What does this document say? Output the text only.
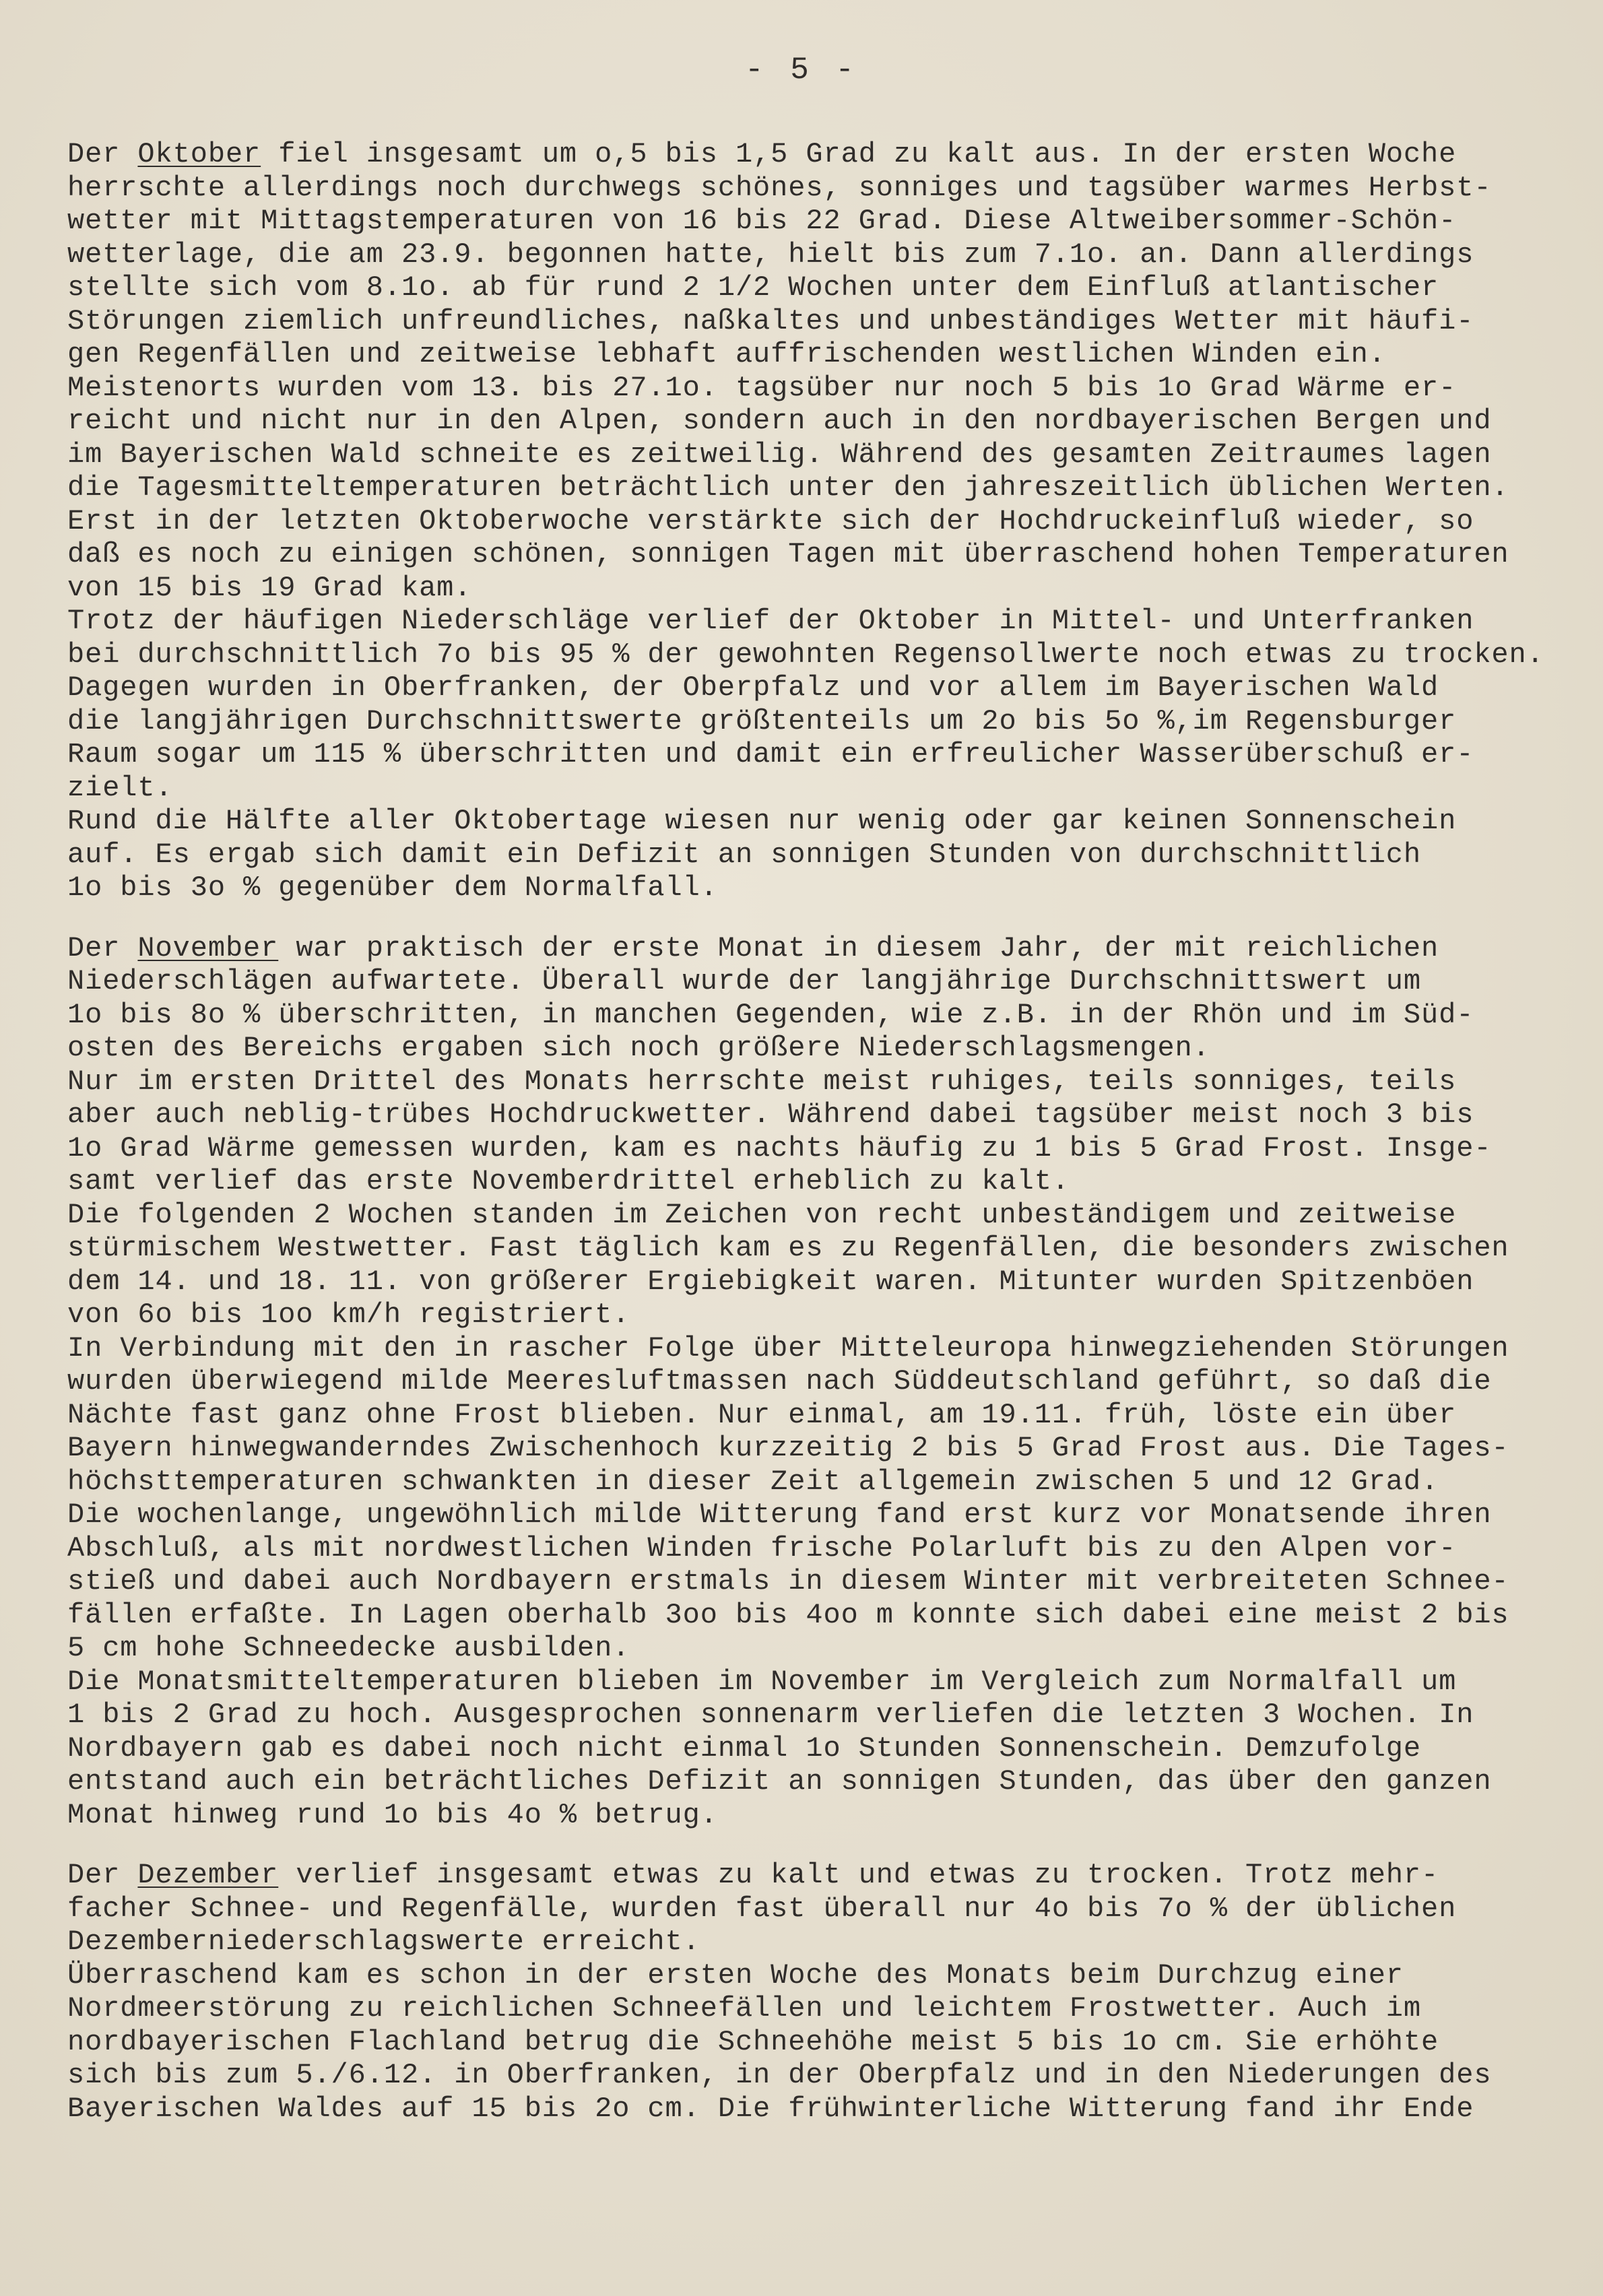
- 5 -
Der Oktober fiel insgesamt um o,5 bis 1,5 Grad zu kalt aus. In der ersten Woche
herrschte allerdings noch durchwegs schönes, sonniges und tagsüber warmes Herbst-
wetter mit Mittagstemperaturen von 16 bis 22 Grad. Diese Altweibersommer-Schön-
wetterlage, die am 23.9. begonnen hatte, hielt bis zum 7.1o. an. Dann allerdings
stellte sich vom 8.1o. ab für rund 2 1/2 Wochen unter dem Einfluß atlantischer
Störungen ziemlich unfreundliches, naßkaltes und unbeständiges Wetter mit häufi-
gen Regenfällen und zeitweise lebhaft auffrischenden westlichen Winden ein.
Meistenorts wurden vom 13. bis 27.1o. tagsüber nur noch 5 bis 1o Grad Wärme er-
reicht und nicht nur in den Alpen, sondern auch in den nordbayerischen Bergen und
im Bayerischen Wald schneite es zeitweilig. Während des gesamten Zeitraumes lagen
die Tagesmitteltemperaturen beträchtlich unter den jahreszeitlich üblichen Werten.
Erst in der letzten Oktoberwoche verstärkte sich der Hochdruckeinfluß wieder, so
daß es noch zu einigen schönen, sonnigen Tagen mit überraschend hohen Temperaturen
von 15 bis 19 Grad kam.
Trotz der häufigen Niederschläge verlief der Oktober in Mittel- und Unterfranken
bei durchschnittlich 7o bis 95 % der gewohnten Regensollwerte noch etwas zu trocken.
Dagegen wurden in Oberfranken, der Oberpfalz und vor allem im Bayerischen Wald
die langjährigen Durchschnittswerte größtenteils um 2o bis 5o %,im Regensburger
Raum sogar um 115 % überschritten und damit ein erfreulicher Wasserüberschuß er-
zielt.
Rund die Hälfte aller Oktobertage wiesen nur wenig oder gar keinen Sonnenschein
auf. Es ergab sich damit ein Defizit an sonnigen Stunden von durchschnittlich
1o bis 3o % gegenüber dem Normalfall.
Der November war praktisch der erste Monat in diesem Jahr, der mit reichlichen
Niederschlägen aufwartete. Überall wurde der langjährige Durchschnittswert um
1o bis 8o % überschritten, in manchen Gegenden, wie z.B. in der Rhön und im Süd-
osten des Bereichs ergaben sich noch größere Niederschlagsmengen.
Nur im ersten Drittel des Monats herrschte meist ruhiges, teils sonniges, teils
aber auch neblig-trübes Hochdruckwetter. Während dabei tagsüber meist noch 3 bis
1o Grad Wärme gemessen wurden, kam es nachts häufig zu 1 bis 5 Grad Frost. Insge-
samt verlief das erste Novemberdrittel erheblich zu kalt.
Die folgenden 2 Wochen standen im Zeichen von recht unbeständigem und zeitweise
stürmischem Westwetter. Fast täglich kam es zu Regenfällen, die besonders zwischen
dem 14. und 18. 11. von größerer Ergiebigkeit waren. Mitunter wurden Spitzenböen
von 6o bis 1oo km/h registriert.
In Verbindung mit den in rascher Folge über Mitteleuropa hinwegziehenden Störungen
wurden überwiegend milde Meeresluftmassen nach Süddeutschland geführt, so daß die
Nächte fast ganz ohne Frost blieben. Nur einmal, am 19.11. früh, löste ein über
Bayern hinwegwanderndes Zwischenhoch kurzzeitig 2 bis 5 Grad Frost aus. Die Tages-
höchsttemperaturen schwankten in dieser Zeit allgemein zwischen 5 und 12 Grad.
Die wochenlange, ungewöhnlich milde Witterung fand erst kurz vor Monatsende ihren
Abschluß, als mit nordwestlichen Winden frische Polarluft bis zu den Alpen vor-
stieß und dabei auch Nordbayern erstmals in diesem Winter mit verbreiteten Schnee-
fällen erfaßte. In Lagen oberhalb 3oo bis 4oo m konnte sich dabei eine meist 2 bis
5 cm hohe Schneedecke ausbilden.
Die Monatsmitteltemperaturen blieben im November im Vergleich zum Normalfall um
1 bis 2 Grad zu hoch. Ausgesprochen sonnenarm verliefen die letzten 3 Wochen. In
Nordbayern gab es dabei noch nicht einmal 1o Stunden Sonnenschein. Demzufolge
entstand auch ein beträchtliches Defizit an sonnigen Stunden, das über den ganzen
Monat hinweg rund 1o bis 4o % betrug.
Der Dezember verlief insgesamt etwas zu kalt und etwas zu trocken. Trotz mehr-
facher Schnee- und Regenfälle, wurden fast überall nur 4o bis 7o % der üblichen
Dezemberniederschlagswerte erreicht.
Überraschend kam es schon in der ersten Woche des Monats beim Durchzug einer
Nordmeerstörung zu reichlichen Schneefällen und leichtem Frostwetter. Auch im
nordbayerischen Flachland betrug die Schneehöhe meist 5 bis 1o cm. Sie erhöhte
sich bis zum 5./6.12. in Oberfranken, in der Oberpfalz und in den Niederungen des
Bayerischen Waldes auf 15 bis 2o cm. Die frühwinterliche Witterung fand ihr Ende
